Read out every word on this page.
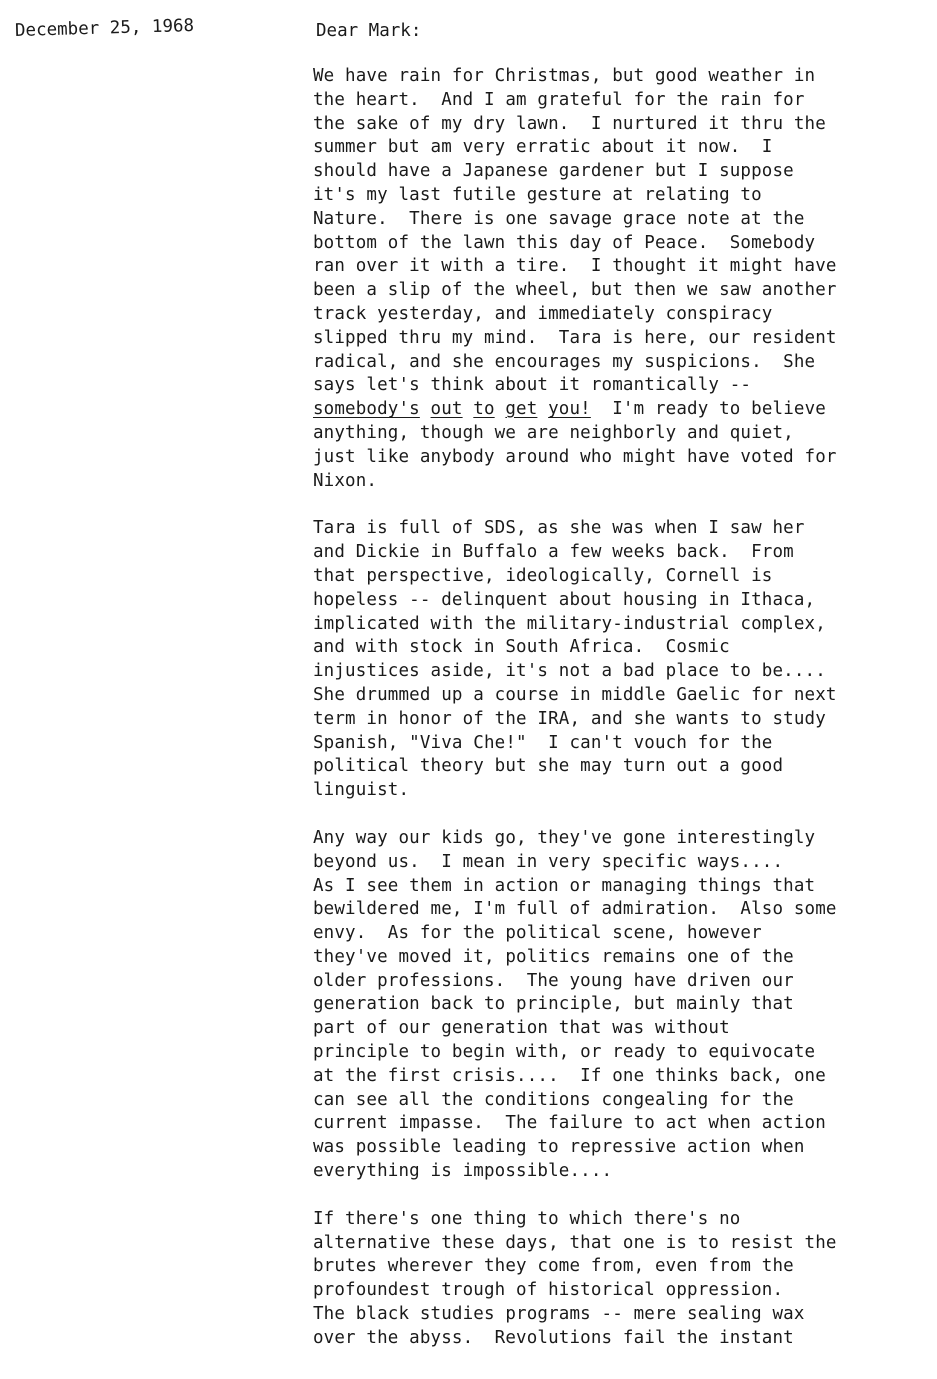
December 25, 1968	Dear Mark:
We have rain for Christmas, but good weather in
the heart.  And I am grateful for the rain for
the sake of my dry lawn.  I nurtured it thru the
summer but am very erratic about it now.  I
should have a Japanese gardener but I suppose
it's my last futile gesture at relating to
Nature.  There is one savage grace note at the
bottom of the lawn this day of Peace.  Somebody
ran over it with a tire.  I thought it might have
been a slip of the wheel, but then we saw another
track yesterday, and immediately conspiracy
slipped thru my mind.  Tara is here, our resident
radical, and she encourages my suspicions.  She
says let's think about it romantically --
somebody's out to get you!  I'm ready to believe
anything, though we are neighborly and quiet,
just like anybody around who might have voted for
Nixon.
Tara is full of SDS, as she was when I saw her
and Dickie in Buffalo a few weeks back.  From
that perspective, ideologically, Cornell is
hopeless -- delinquent about housing in Ithaca,
implicated with the military-industrial complex,
and with stock in South Africa.  Cosmic
injustices aside, it's not a bad place to be....
She drummed up a course in middle Gaelic for next
term in honor of the IRA, and she wants to study
Spanish, "Viva Che!"  I can't vouch for the
political theory but she may turn out a good
linguist.
Any way our kids go, they've gone interestingly
beyond us.  I mean in very specific ways....
As I see them in action or managing things that
bewildered me, I'm full of admiration.  Also some
envy.  As for the political scene, however
they've moved it, politics remains one of the
older professions.  The young have driven our
generation back to principle, but mainly that
part of our generation that was without
principle to begin with, or ready to equivocate
at the first crisis....  If one thinks back, one
can see all the conditions congealing for the
current impasse.  The failure to act when action
was possible leading to repressive action when
everything is impossible....
If there's one thing to which there's no
alternative these days, that one is to resist the
brutes wherever they come from, even from the
profoundest trough of historical oppression.
The black studies programs -- mere sealing wax
over the abyss.  Revolutions fail the instant
